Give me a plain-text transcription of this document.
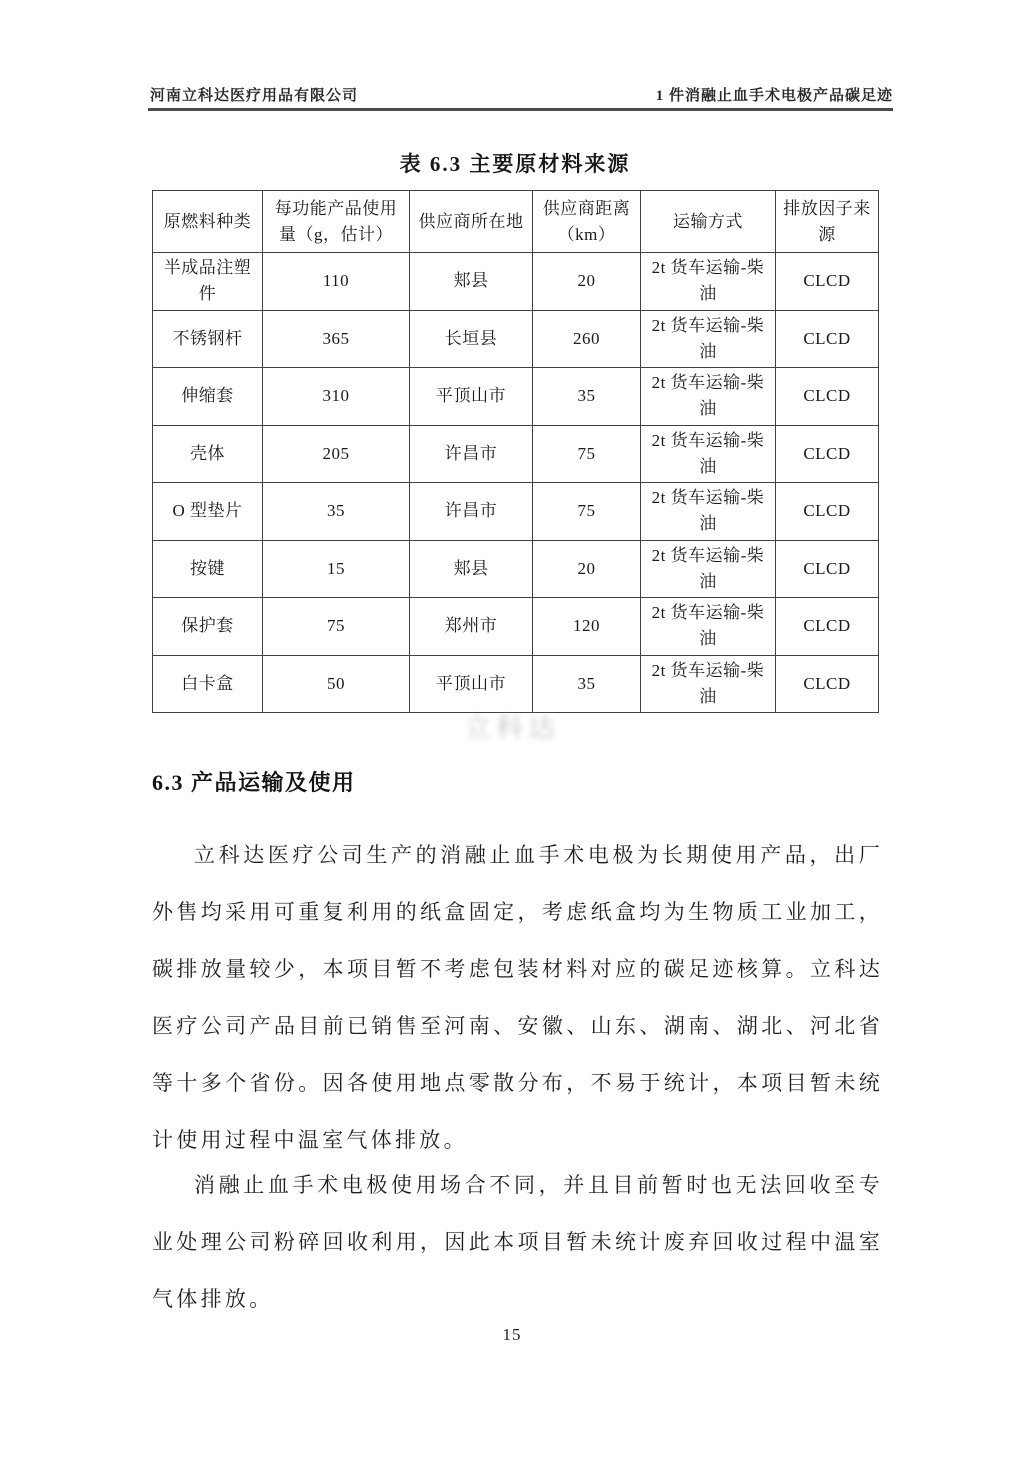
河南立科达医疗用品有限公司	1 件消融止血手术电极产品碳足迹
表 6.3 主要原材料来源
原燃料种类	每功能产品使用量（g，估计）	供应商所在地	供应商距离（km）	运输方式	排放因子来源
半成品注塑件	110	郏县	20	2t 货车运输-柴油	CLCD
不锈钢杆	365	长垣县	260	2t 货车运输-柴油	CLCD
伸缩套	310	平顶山市	35	2t 货车运输-柴油	CLCD
壳体	205	许昌市	75	2t 货车运输-柴油	CLCD
O 型垫片	35	许昌市	75	2t 货车运输-柴油	CLCD
按键	15	郏县	20	2t 货车运输-柴油	CLCD
保护套	75	郑州市	120	2t 货车运输-柴油	CLCD
白卡盒	50	平顶山市	35	2t 货车运输-柴油	CLCD
立科达
6.3 产品运输及使用

立科达医疗公司生产的消融止血手术电极为长期使用产品，出厂外售均采用可重复利用的纸盒固定，考虑纸盒均为生物质工业加工，碳排放量较少，本项目暂不考虑包装材料对应的碳足迹核算。立科达医疗公司产品目前已销售至河南、安徽、山东、湖南、湖北、河北省等十多个省份。因各使用地点零散分布，不易于统计，本项目暂未统计使用过程中温室气体排放。

消融止血手术电极使用场合不同，并且目前暂时也无法回收至专业处理公司粉碎回收利用，因此本项目暂未统计废弃回收过程中温室气体排放。

15
